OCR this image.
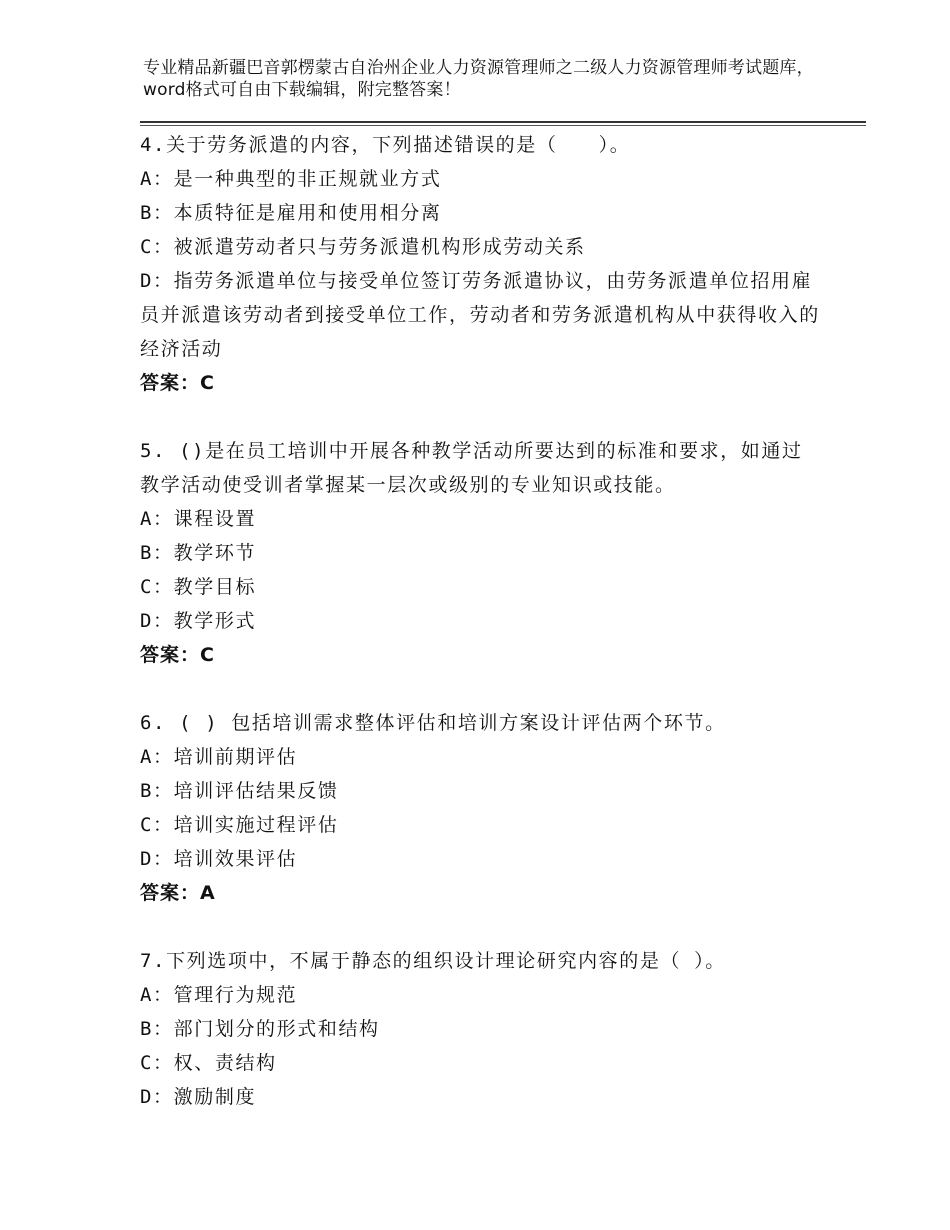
专业精品新疆巴音郭楞蒙古自治州企业人力资源管理师之二级人力资源管理师考试题库，word格式可自由下载编辑，附完整答案！

4.关于劳务派遣的内容，下列描述错误的是（　　）。

A：是一种典型的非正规就业方式

B：本质特征是雇用和使用相分离

C：被派遣劳动者只与劳务派遣机构形成劳动关系

D：指劳务派遣单位与接受单位签订劳务派遣协议，由劳务派遣单位招用雇员并派遣该劳动者到接受单位工作，劳动者和劳务派遣机构从中获得收入的经济活动

答案：C

5. ()是在员工培训中开展各种教学活动所要达到的标准和要求，如通过教学活动使受训者掌握某一层次或级别的专业知识或技能。

A：课程设置

B：教学环节

C：教学目标

D：教学形式

答案：C

6. ( ) 包括培训需求整体评估和培训方案设计评估两个环节。

A：培训前期评估

B：培训评估结果反馈

C：培训实施过程评估

D：培训效果评估

答案：A

7.下列选项中，不属于静态的组织设计理论研究内容的是（ ）。

A：管理行为规范

B：部门划分的形式和结构

C：权、责结构

D：激励制度
